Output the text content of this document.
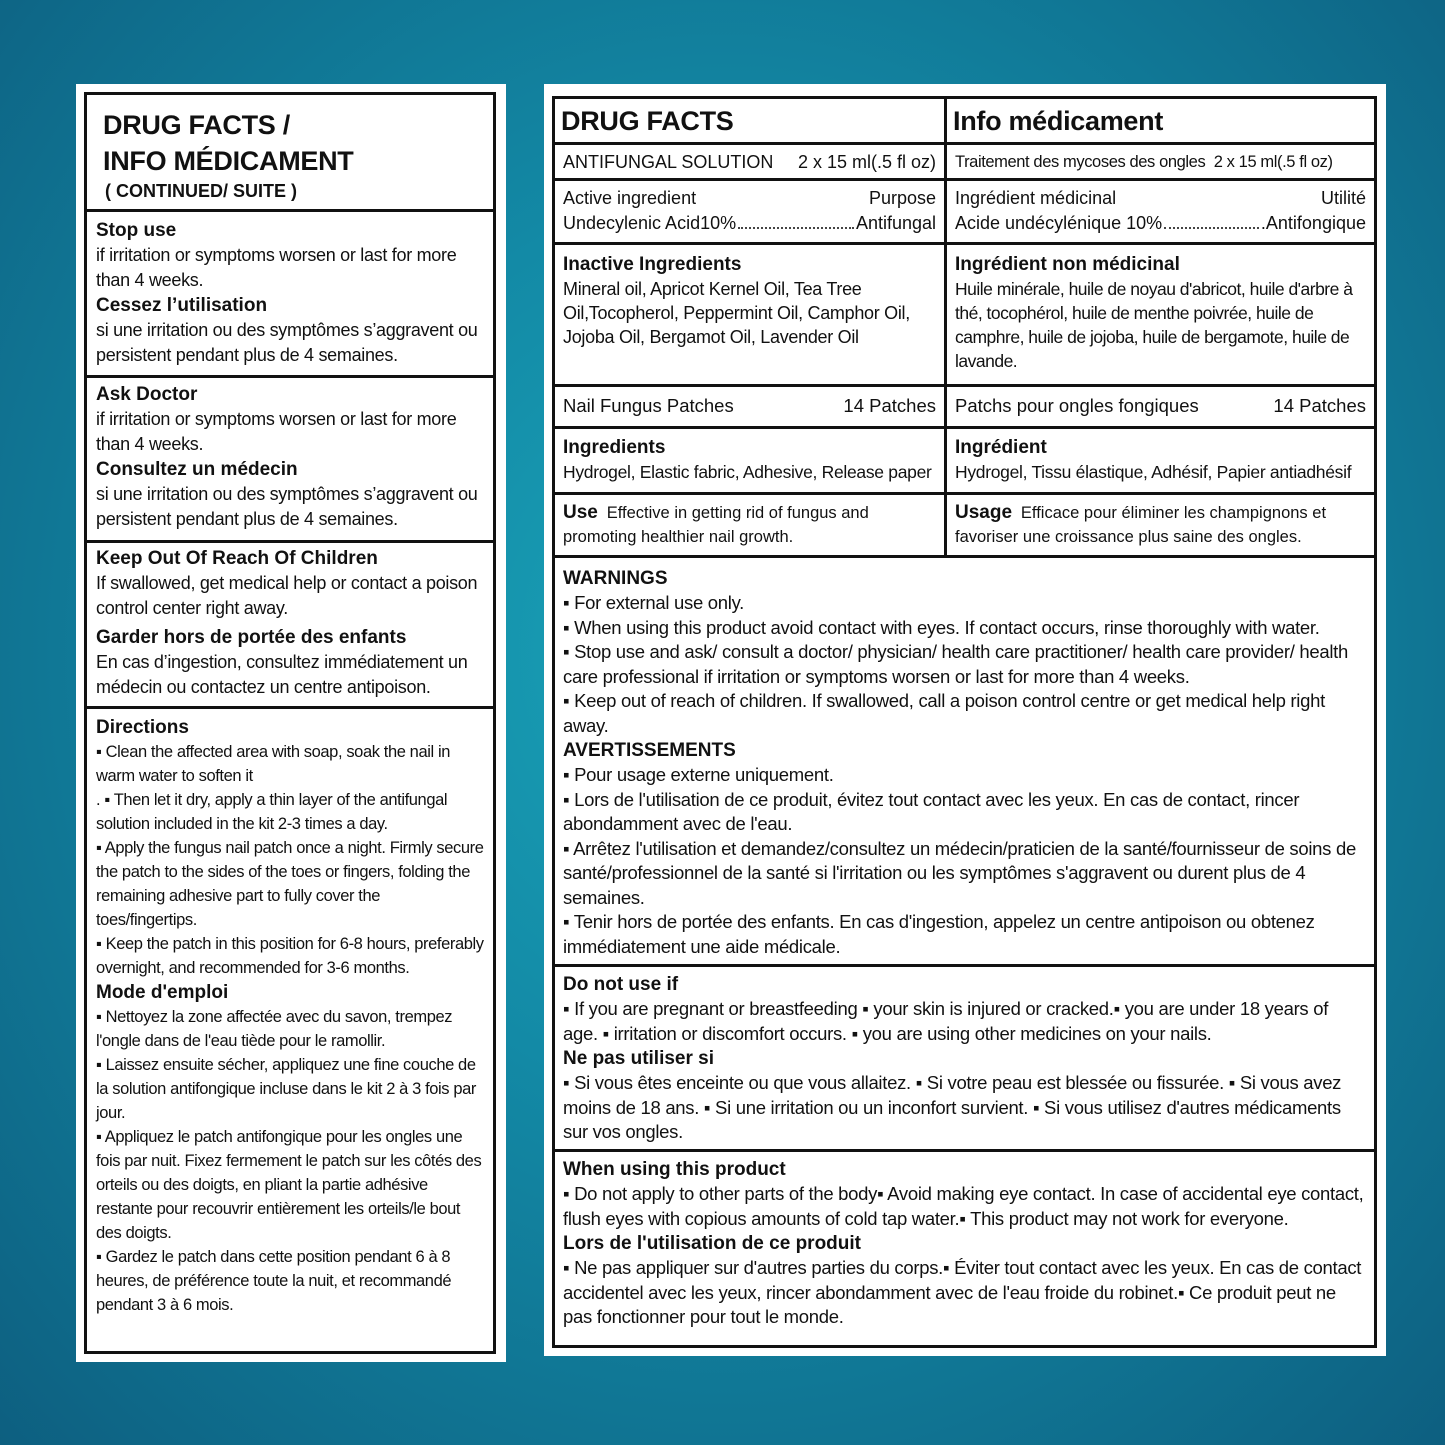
DRUG FACTS /
INFO MÉDICAMENT
( CONTINUED/ SUITE )
Stop use
if irritation or symptoms worsen or last for more than 4 weeks.
Cessez l’utilisation
si une irritation ou des symptômes s’aggravent ou persistent pendant plus de 4 semaines.
Ask Doctor
if irritation or symptoms worsen or last for more than 4 weeks.
Consultez un médecin
si une irritation ou des symptômes s’aggravent ou persistent pendant plus de 4 semaines.
Keep Out Of Reach Of Children
If swallowed, get medical help or contact a poison control center right away.
Garder hors de portée des enfants
En cas d’ingestion, consultez immédiatement un médecin ou contactez un centre antipoison.
Directions
▪ Clean the affected area with soap, soak the nail in warm water to soften it
. ▪ Then let it dry, apply a thin layer of the antifungal solution included in the kit 2-3 times a day.
▪ Apply the fungus nail patch once a night. Firmly secure the patch to the sides of the toes or fingers, folding the remaining adhesive part to fully cover the toes/fingertips.
▪ Keep the patch in this position for 6-8 hours, preferably overnight, and recommended for 3-6 months.
Mode d'emploi
▪ Nettoyez la zone affectée avec du savon, trempez l'ongle dans de l'eau tiède pour le ramollir.
▪ Laissez ensuite sécher, appliquez une fine couche de la solution antifongique incluse dans le kit 2 à 3 fois par jour.
▪ Appliquez le patch antifongique pour les ongles une fois par nuit. Fixez fermement le patch sur les côtés des orteils ou des doigts, en pliant la partie adhésive restante pour recouvrir entièrement les orteils/le bout des doigts.
▪ Gardez le patch dans cette position pendant 6 à 8 heures, de préférence toute la nuit, et recommandé pendant 3 à 6 mois.
DRUG FACTS	Info médicament
ANTIFUNGAL SOLUTION 2 x 15 ml(.5 fl oz) Traitement des mycoses des ongles 2 x 15 ml(.5 fl oz)
Active ingredient	Purpose
Undecylenic Acid10%	Antifungal
Ingrédient médicinal	Utilité
Acide undécylénique 10%	.Antifongique
Inactive Ingredients
Mineral oil, Apricot Kernel Oil, Tea Tree Oil,Tocopherol, Peppermint Oil, Camphor Oil, Jojoba Oil, Bergamot Oil, Lavender Oil
Ingrédient non médicinal
Huile minérale, huile de noyau d'abricot, huile d'arbre à thé, tocophérol, huile de menthe poivrée, huile de camphre, huile de jojoba, huile de bergamote, huile de lavande.
Nail Fungus Patches	14 Patches Patchs pour ongles fongiques	14 Patches
Ingredients
Hydrogel, Elastic fabric, Adhesive, Release paper
Ingrédient
Hydrogel, Tissu élastique, Adhésif, Papier antiadhésif
Use Effective in getting rid of fungus and promoting healthier nail growth.
Usage Efficace pour éliminer les champignons et favoriser une croissance plus saine des ongles.
WARNINGS
▪ For external use only.
▪ When using this product avoid contact with eyes. If contact occurs, rinse thoroughly with water.
▪ Stop use and ask/ consult a doctor/ physician/ health care practitioner/ health care provider/ health care professional if irritation or symptoms worsen or last for more than 4 weeks.
▪ Keep out of reach of children. If swallowed, call a poison control centre or get medical help right away.
AVERTISSEMENTS
▪ Pour usage externe uniquement.
▪ Lors de l'utilisation de ce produit, évitez tout contact avec les yeux. En cas de contact, rincer abondamment avec de l'eau.
▪ Arrêtez l'utilisation et demandez/consultez un médecin/praticien de la santé/fournisseur de soins de santé/professionnel de la santé si l'irritation ou les symptômes s'aggravent ou durent plus de 4 semaines.
▪ Tenir hors de portée des enfants. En cas d'ingestion, appelez un centre antipoison ou obtenez immédiatement une aide médicale.
Do not use if
▪ If you are pregnant or breastfeeding ▪ your skin is injured or cracked.▪ you are under 18 years of age. ▪ irritation or discomfort occurs. ▪ you are using other medicines on your nails.
Ne pas utiliser si
▪ Si vous êtes enceinte ou que vous allaitez. ▪ Si votre peau est blessée ou fissurée. ▪ Si vous avez moins de 18 ans. ▪ Si une irritation ou un inconfort survient. ▪ Si vous utilisez d'autres médicaments sur vos ongles.
When using this product
▪ Do not apply to other parts of the body▪ Avoid making eye contact. In case of accidental eye contact, flush eyes with copious amounts of cold tap water.▪ This product may not work for everyone.
Lors de l'utilisation de ce produit
▪ Ne pas appliquer sur d'autres parties du corps.▪ Éviter tout contact avec les yeux. En cas de contact accidentel avec les yeux, rincer abondamment avec de l'eau froide du robinet.▪ Ce produit peut ne pas fonctionner pour tout le monde.
